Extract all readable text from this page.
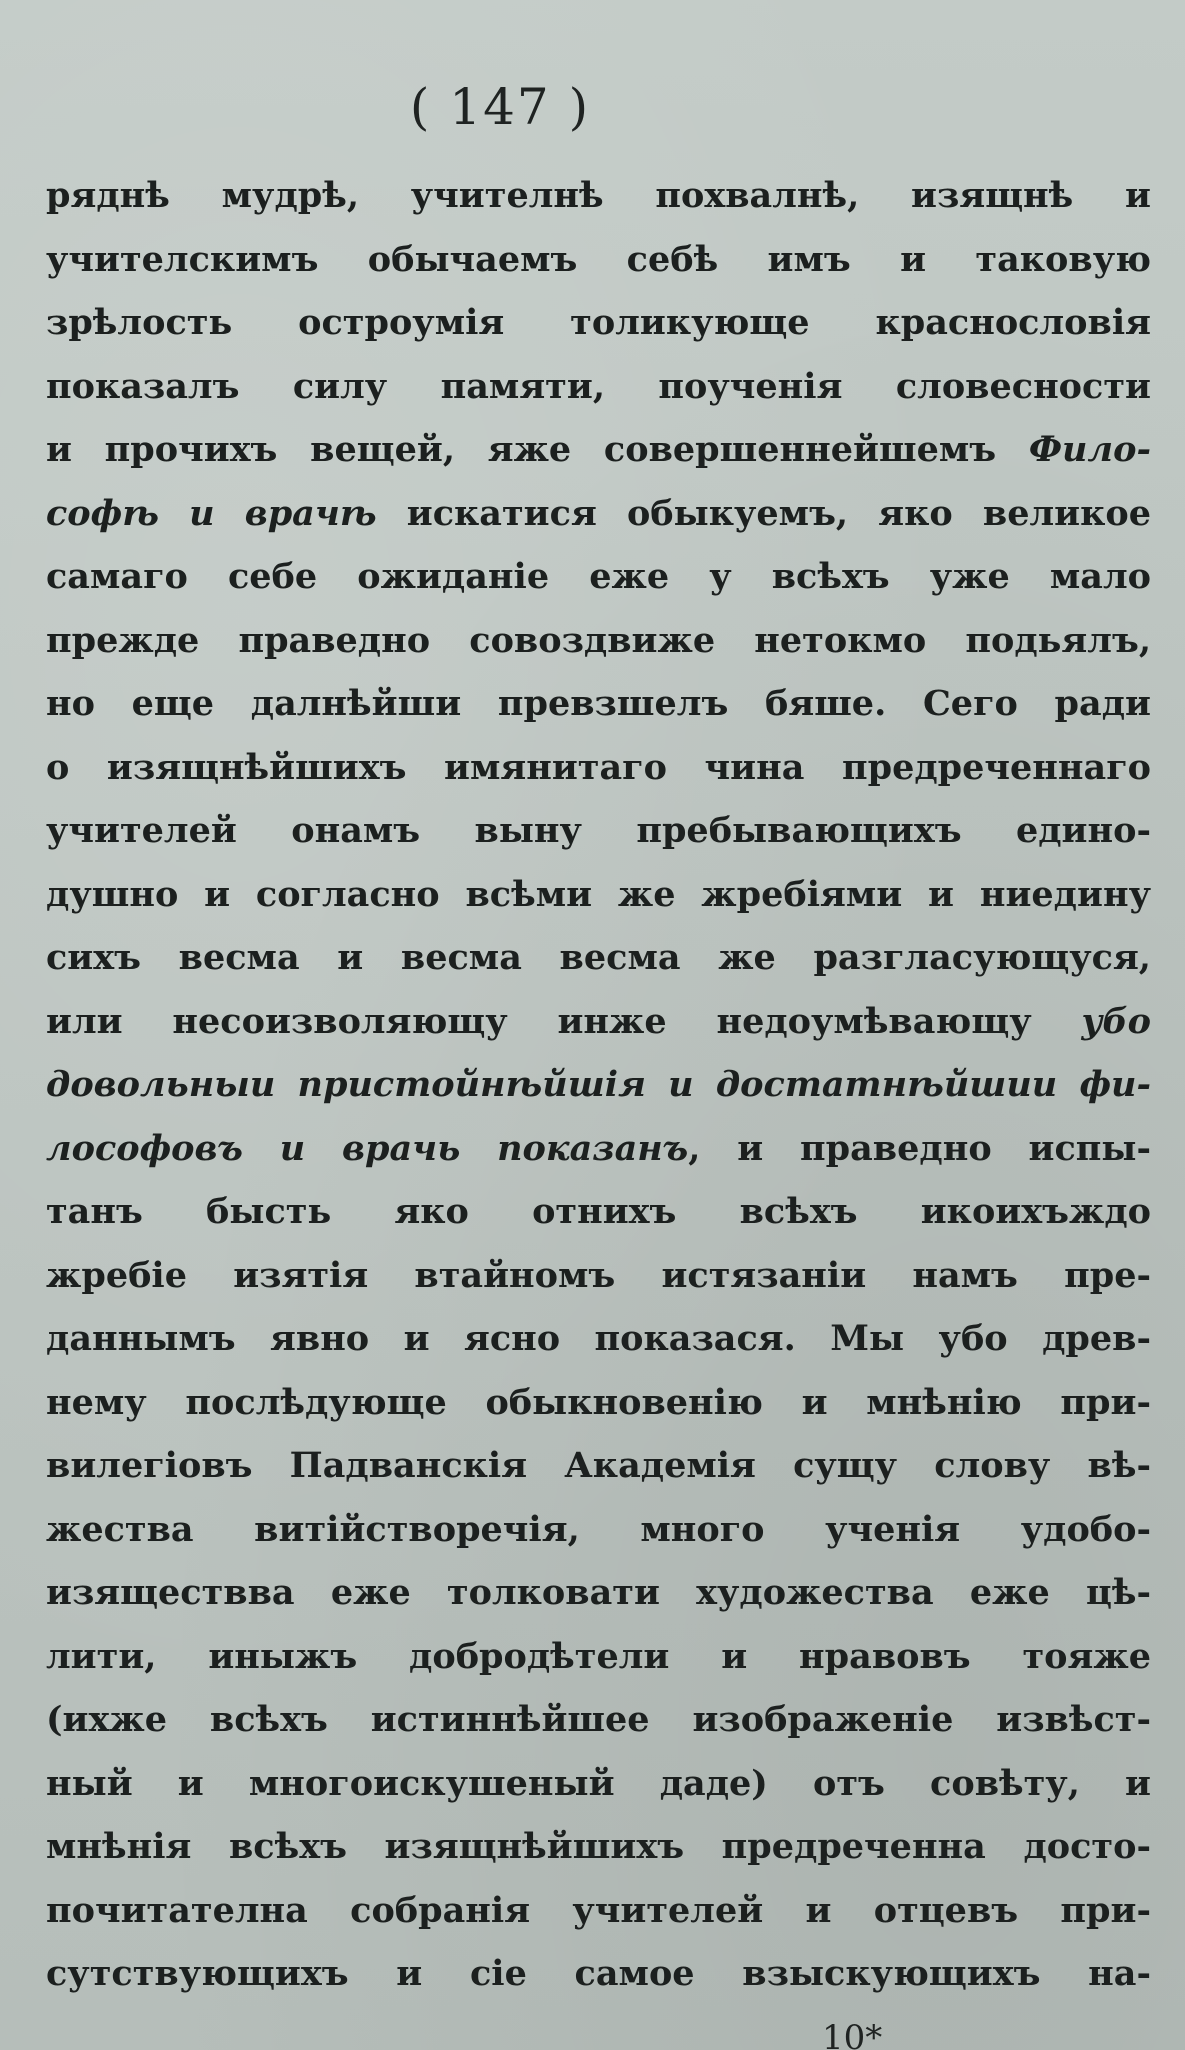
( 147 )
ряднѣ мудрѣ, учителнѣ похвалнѣ, изящнѣ и
учителскимъ обычаемъ себѣ имъ и таковую
зрѣлость остроумія толикующе краснословія
показалъ силу памяти, поученія словесности
и прочихъ вещей, яже совершеннейшемъ Фило-
софѣ и врачѣ искатися обыкуемъ, яко великое
самаго себе ожиданіе еже у всѣхъ уже мало
прежде праведно совоздвиже нетокмо подьялъ,
но еще далнѣйши превзшелъ бяше. Сего ради
о изящнѣйшихъ имянитаго чина предреченнаго
учителей онамъ выну пребывающихъ едино-
душно и согласно всѣми же жребіями и ниедину
сихъ весма и весма весма же разгласующуся,
или несоизволяющу инже недоумѣвающу убо
довольныи пристойнѣйшія и достатнѣйшии фи-
лософовъ и врачь показанъ, и праведно испы-
танъ бысть яко отнихъ всѣхъ икоихъждо
жребіе изятія втайномъ истязаніи намъ пре-
даннымъ явно и ясно показася. Мы убо древ-
нему послѣдующе обыкновенію и мнѣнію при-
вилегіовъ Падванскія Академія сущу слову вѣ-
жества витійстворечія, много ученія удобо-
изяществва еже толковати художества еже цѣ-
лити, иныжъ добродѣтели и нравовъ тояже
(ихже всѣхъ истиннѣйшее изображеніе извѣст-
ный и многоискушеный даде) отъ совѣту, и
мнѣнія всѣхъ изящнѣйшихъ предреченна досто-
почитателна собранія учителей и отцевъ при-
сутствующихъ и сіе самое взыскующихъ на-
10*
